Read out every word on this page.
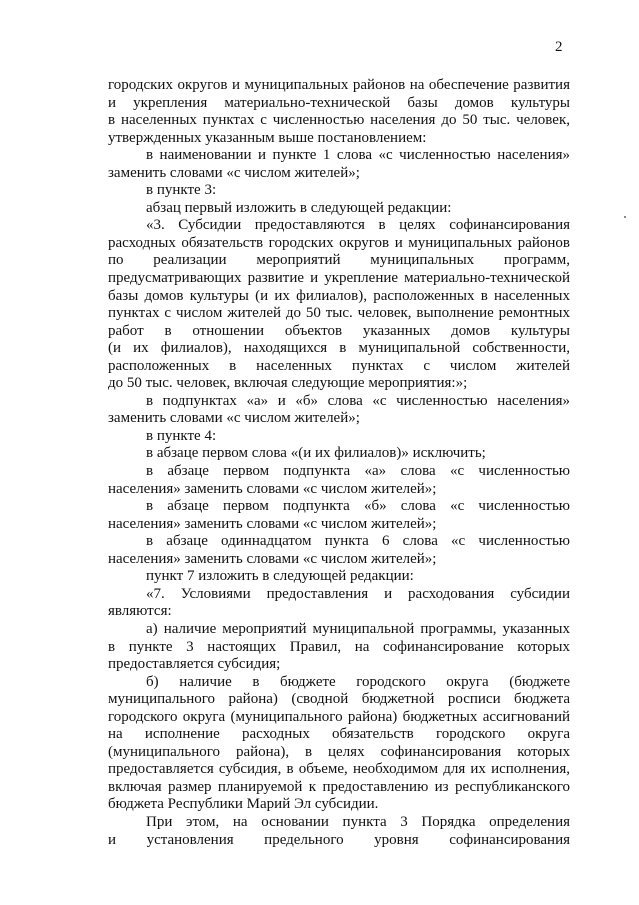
2
городских округов и муниципальных районов на обеспечение развития
и укрепления материально-технической базы домов культуры
в населенных пунктах с численностью населения до 50 тыс. человек,
утвержденных указанным выше постановлением:
в наименовании и пункте 1 слова «с численностью населения»
заменить словами «с числом жителей»;
в пункте 3:
абзац первый изложить в следующей редакции:
«3. Субсидии предоставляются в целях софинансирования
расходных обязательств городских округов и муниципальных районов
по реализации мероприятий муниципальных программ,
предусматривающих развитие и укрепление материально-технической
базы домов культуры (и их филиалов), расположенных в населенных
пунктах с числом жителей до 50 тыс. человек, выполнение ремонтных
работ в отношении объектов указанных домов культуры
(и их филиалов), находящихся в муниципальной собственности,
расположенных в населенных пунктах с числом жителей
до 50 тыс. человек, включая следующие мероприятия:»;
в подпунктах «а» и «б» слова «с численностью населения»
заменить словами «с числом жителей»;
в пункте 4:
в абзаце первом слова «(и их филиалов)» исключить;
в абзаце первом подпункта «а» слова «с численностью
населения» заменить словами «с числом жителей»;
в абзаце первом подпункта «б» слова «с численностью
населения» заменить словами «с числом жителей»;
в абзаце одиннадцатом пункта 6 слова «с численностью
населения» заменить словами «с числом жителей»;
пункт 7 изложить в следующей редакции:
«7. Условиями предоставления и расходования субсидии
являются:
а) наличие мероприятий муниципальной программы, указанных
в пункте 3 настоящих Правил, на софинансирование которых
предоставляется субсидия;
б) наличие в бюджете городского округа (бюджете
муниципального района) (сводной бюджетной росписи бюджета
городского округа (муниципального района) бюджетных ассигнований
на исполнение расходных обязательств городского округа
(муниципального района), в целях софинансирования которых
предоставляется субсидия, в объеме, необходимом для их исполнения,
включая размер планируемой к предоставлению из республиканского
бюджета Республики Марий Эл субсидии.
При этом, на основании пункта 3 Порядка определения
и установления предельного уровня софинансирования
